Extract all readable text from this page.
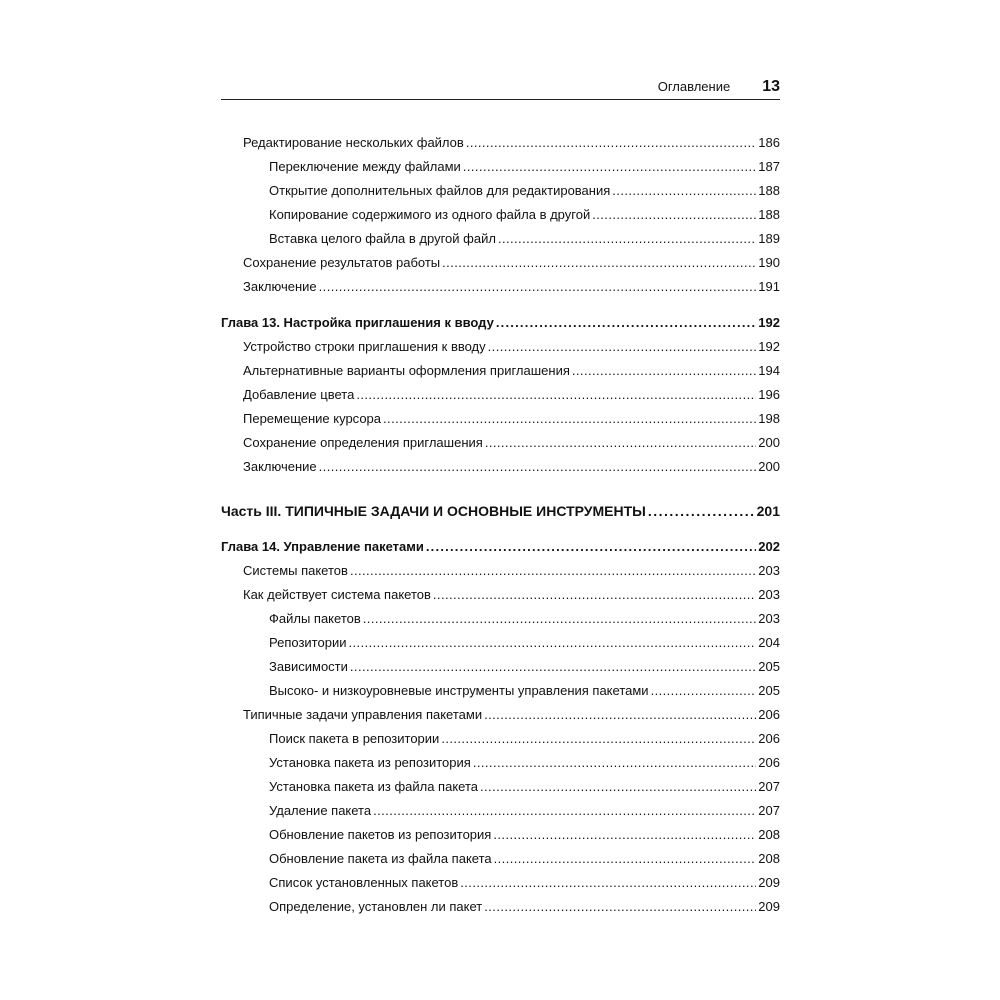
Оглавление 13
Редактирование нескольких файлов . . .	186
Переключение между файлами . . .	187
Открытие дополнительных файлов для редактирования . . .	188
Копирование содержимого из одного файла в другой . . .	188
Вставка целого файла в другой файл . . .	189
Сохранение результатов работы . . .	190
Заключение . . .	191
Глава 13. Настройка приглашения к вводу . . .	192
Устройство строки приглашения к вводу . . .	192
Альтернативные варианты оформления приглашения . . .	194
Добавление цвета . . .	196
Перемещение курсора . . .	198
Сохранение определения приглашения . . .	200
Заключение . . .	200
Часть III. ТИПИЧНЫЕ ЗАДАЧИ И ОСНОВНЫЕ ИНСТРУМЕНТЫ . . .	201
Глава 14. Управление пакетами . . .	202
Системы пакетов . . .	203
Как действует система пакетов . . .	203
Файлы пакетов . . .	203
Репозитории . . .	204
Зависимости . . .	205
Высоко- и низкоуровневые инструменты управления пакетами . . .	205
Типичные задачи управления пакетами . . .	206
Поиск пакета в репозитории . . .	206
Установка пакета из репозитория . . .	206
Установка пакета из файла пакета . . .	207
Удаление пакета . . .	207
Обновление пакетов из репозитория . . .	208
Обновление пакета из файла пакета . . .	208
Список установленных пакетов . . .	209
Определение, установлен ли пакет . . .	209
